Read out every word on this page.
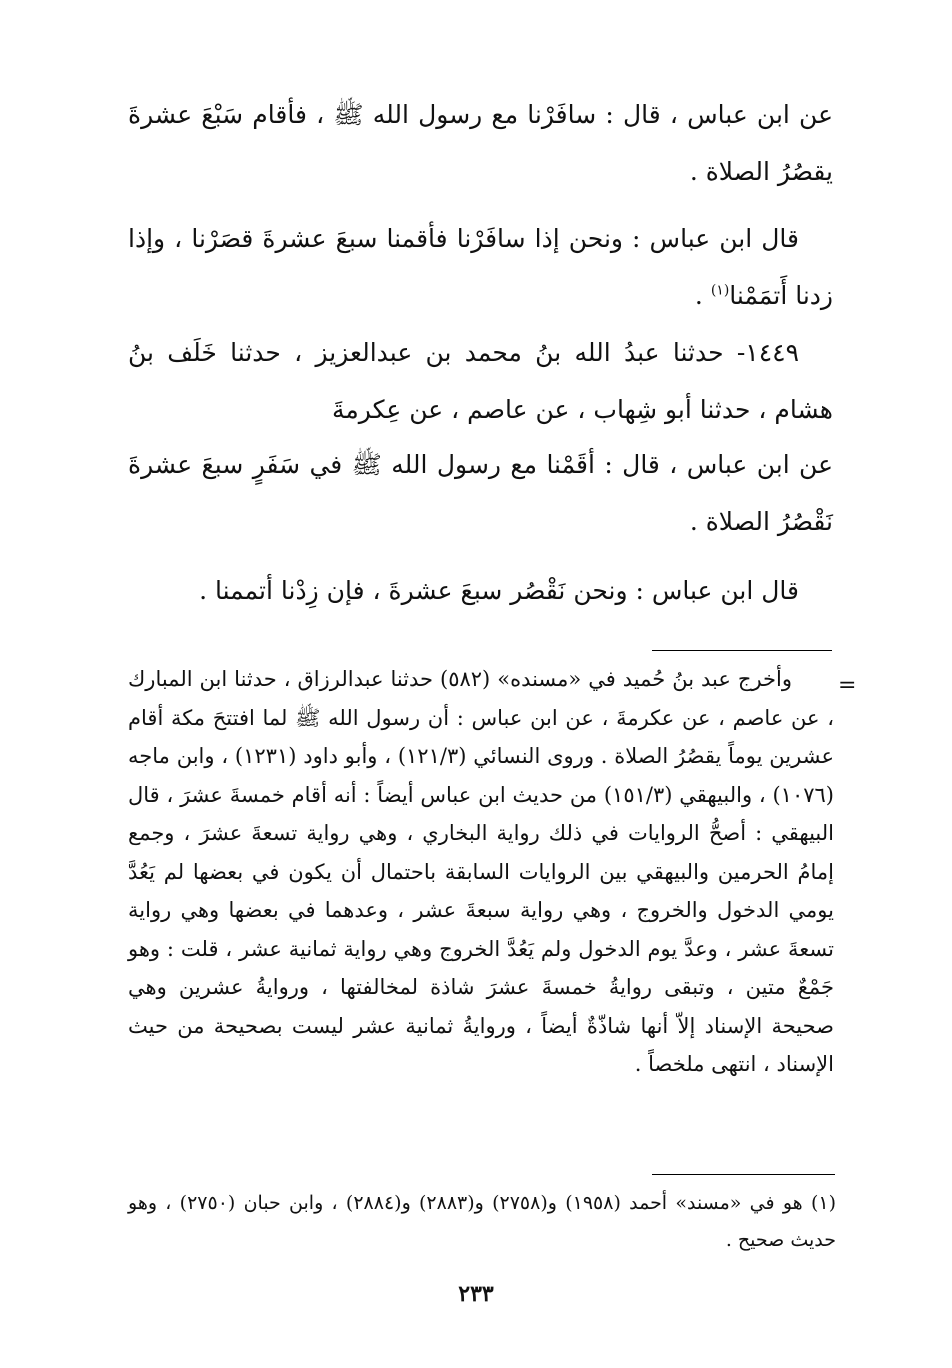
عن ابن عباس ، قال : سافَرْنا مع رسول الله ﷺ ، فأقام سَبْعَ عشرةَ يقصُرُ الصلاة .

قال ابن عباس : ونحن إذا سافَرْنا فأقمنا سبعَ عشرةَ قصَرْنا ، وإذا زدنا أَتمَمْنا$^{(١)}$ .

١٤٤٩- حدثنا عبدُ الله بنُ محمد بن عبدالعزيز ، حدثنا خَلَف بنُ هشام ، حدثنا أبو شِهاب ، عن عاصم ، عن عِكرمةَ

عن ابن عباس ، قال : أقَمْنا مع رسول الله ﷺ في سَفَرٍ سبعَ عشرةَ نَقْصُرُ الصلاة .

قال ابن عباس : ونحن نَقْصُر سبعَ عشرةَ ، فإن زِدْنا أتممنا .

=

وأخرج عبد بنُ حُميد في «مسنده» (٥٨٢) حدثنا عبدالرزاق ، حدثنا ابن المبارك ، عن عاصم ، عن عكرمةَ ، عن ابن عباس : أن رسول الله ﷺ لما افتتحَ مكة أقام عشرين يوماً يقصُرُ الصلاة . وروى النسائي (١٢١/٣) ، وأبو داود (١٢٣١) ، وابن ماجه (١٠٧٦) ، والبيهقي (١٥١/٣) من حديث ابن عباس أيضاً : أنه أقام خمسةَ عشرَ ، قال البيهقي : أصحُّ الروايات في ذلك رواية البخاري ، وهي رواية تسعةَ عشرَ ، وجمع إمامُ الحرمين والبيهقي بين الروايات السابقة باحتمال أن يكون في بعضها لم يَعُدَّ يومي الدخول والخروج ، وهي رواية سبعةَ عشر ، وعدهما في بعضها وهي رواية تسعةَ عشر ، وعدَّ يوم الدخول ولم يَعُدَّ الخروج وهي رواية ثمانية عشر ، قلت : وهو جَمْعٌ متين ، وتبقى روايةُ خمسةَ عشرَ شاذة لمخالفتها ، وروايةُ عشرين وهي صحيحة الإسناد إلاّ أنها شاذّةٌ أيضاً ، وروايةُ ثمانية عشر ليست بصحيحة من حيث الإسناد ، انتهى ملخصاً .

(١) هو في «مسند» أحمد (١٩٥٨) و(٢٧٥٨) و(٢٨٨٣) و(٢٨٨٤) ، وابن حبان (٢٧٥٠) ، وهو حديث صحيح .

٢٣٣
